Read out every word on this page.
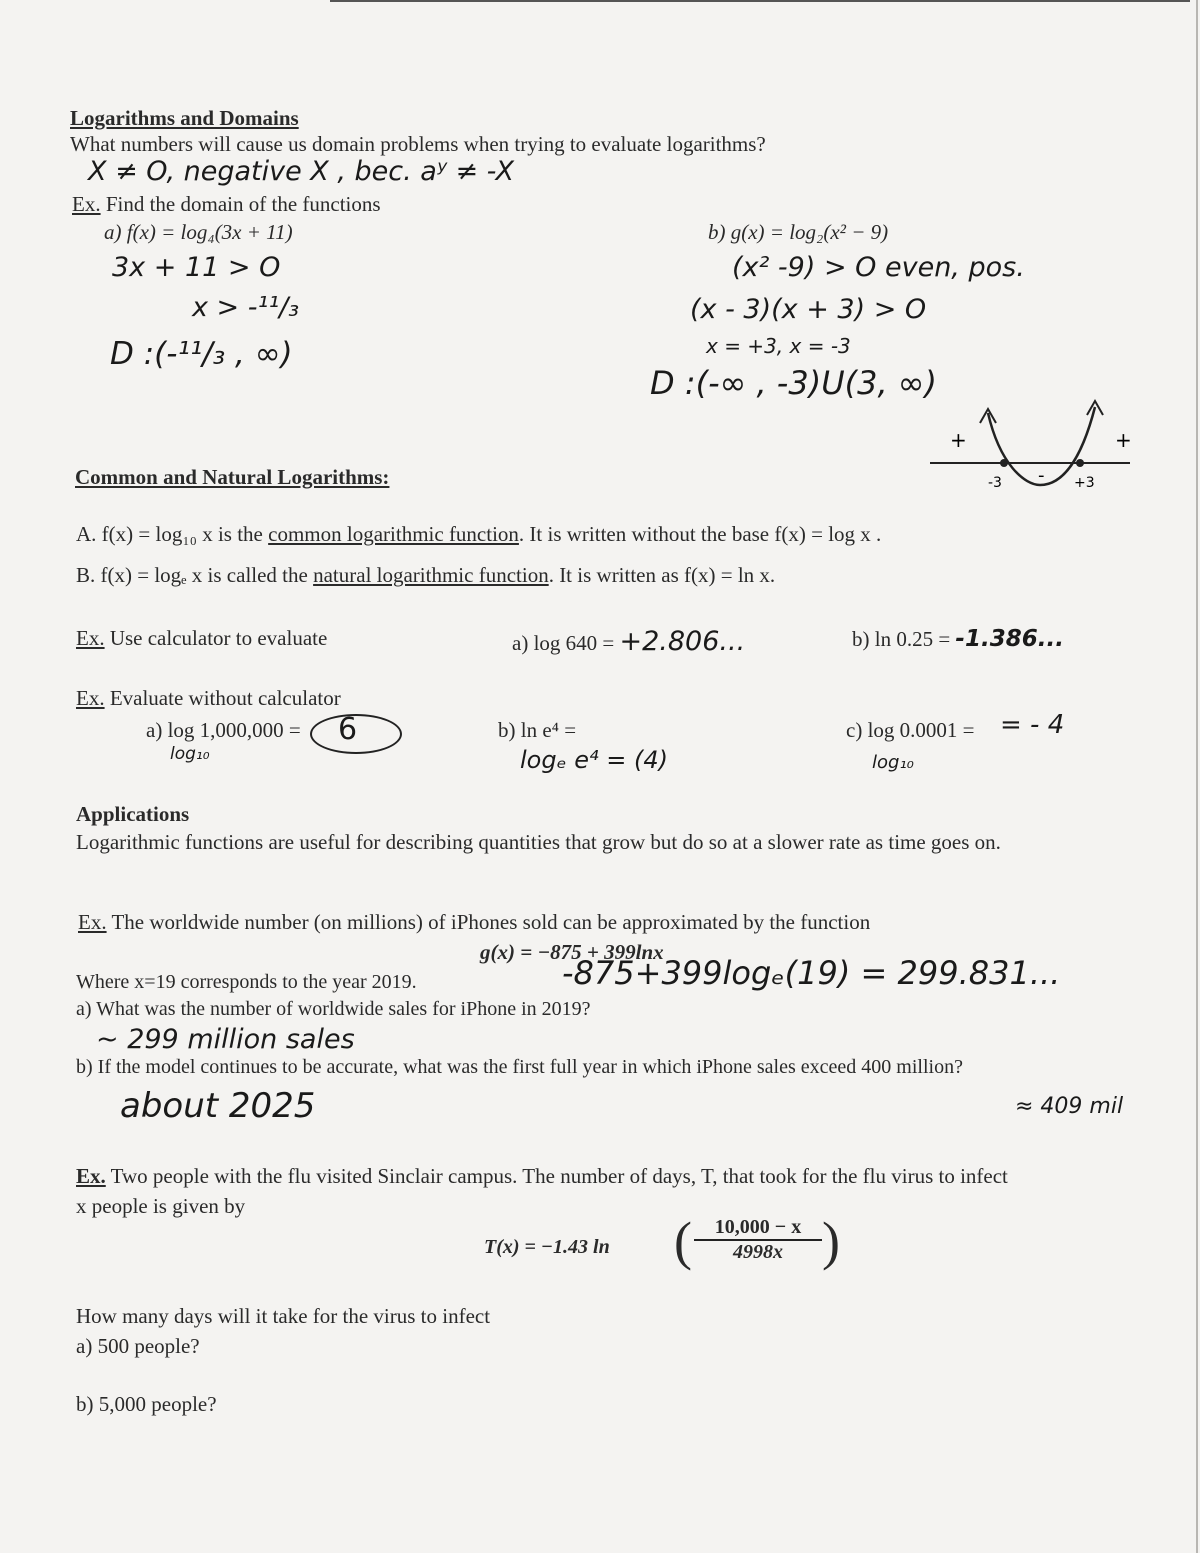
Logarithms and Domains
What numbers will cause us domain problems when trying to evaluate logarithms?
X ≠ O, negative X , bec. aʸ ≠ -X
Ex. Find the domain of the functions
a) f(x) = log₄(3x + 11)
3x + 11 > O
x > -¹¹/₃
D :(-¹¹/₃ , ∞)
b) g(x) = log₂(x² − 9)
(x² -9) > O even, pos.
(x - 3)(x + 3) > O
x = +3, x = -3
D :(-∞ , -3)U(3, ∞)
+	+
-
-3	+3
Common and Natural Logarithms:
A. f(x) = log₁₀ x is the common logarithmic function. It is written without the base f(x) = log x .
B. f(x) = logₑ x is called the natural logarithmic function. It is written as f(x) = ln x.
Ex. Use calculator to evaluate	a) log 640 = +2.806...	b) ln 0.25 = -1.386...
Ex. Evaluate without calculator
a) log 1,000,000 = 6
log₁₀
b) ln e⁴ =
logₑ e⁴ = (4)
c) log 0.0001 = = - 4
log₁₀
Applications
Logarithmic functions are useful for describing quantities that grow but do so at a slower rate as time goes on.
Ex. The worldwide number (on millions) of iPhones sold can be approximated by the function
g(x) = −875 + 399lnx
Where x=19 corresponds to the year 2019.	-875+399logₑ(19) = 299.831...
a) What was the number of worldwide sales for iPhone in 2019?
~ 299 million sales
b) If the model continues to be accurate, what was the first full year in which iPhone sales exceed 400 million?
about 2025	≈ 409 mil
Ex. Two people with the flu visited Sinclair campus. The number of days, T, that took for the flu virus to infect
x people is given by
T(x) = −1.43 ln ( $\frac{10,000 - x}{4998x}$ )
How many days will it take for the virus to infect
a) 500 people?
b) 5,000 people?
